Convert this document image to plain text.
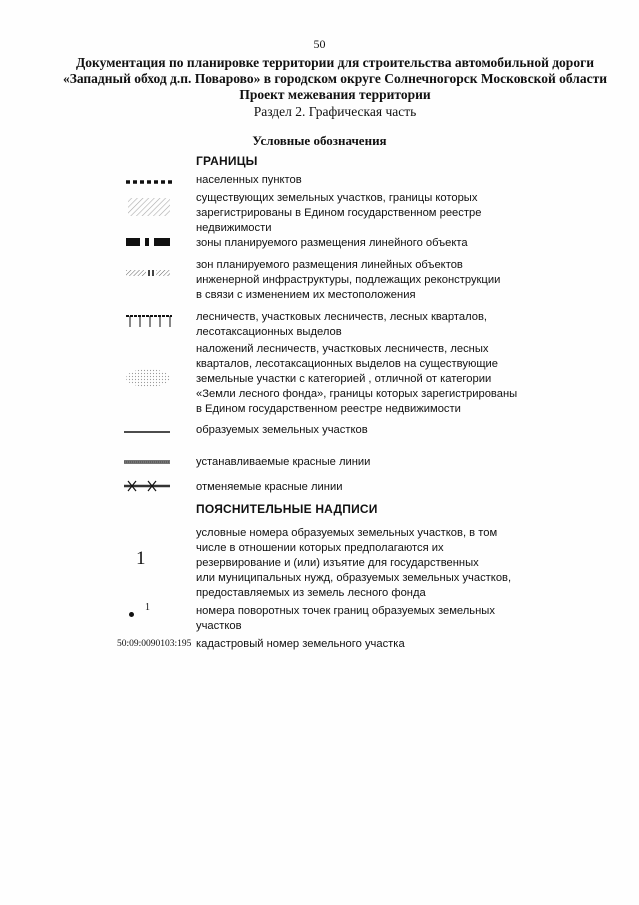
50
Документация по планировке территории для строительства автомобильной дороги
«Западный обход д.п. Поварово» в городском округе Солнечногорск Московской области
Проект межевания территории
Раздел 2. Графическая часть
Условные обозначения
ГРАНИЦЫ
населенных пунктов
существующих земельных участков, границы которых
зарегистрированы в Едином государственном реестре
недвижимости
зоны планируемого размещения линейного объекта
зон планируемого размещения линейных объектов
инженерной инфраструктуры, подлежащих реконструкции
в связи с изменением их местоположения
лесничеств, участковых лесничеств, лесных кварталов,
лесотаксационных выделов
наложений лесничеств, участковых лесничеств, лесных
кварталов, лесотаксационных выделов на существующие
земельные участки с категорией , отличной от категории
«Земли лесного фонда», границы которых зарегистрированы
в Едином государственном реестре недвижимости
образуемых земельных участков
устанавливаемые красные линии
отменяемые красные линии
ПОЯСНИТЕЛЬНЫЕ НАДПИСИ
1
условные номера образуемых земельных участков, в том
числе в отношении которых предполагаются их
резервирование и (или) изъятие для государственных
или муниципальных нужд, образуемых земельных участков,
предоставляемых из земель лесного фонда
1	номера поворотных точек границ образуемых земельных
участков
50:09:0090103:195 кадастровый номер земельного участка
